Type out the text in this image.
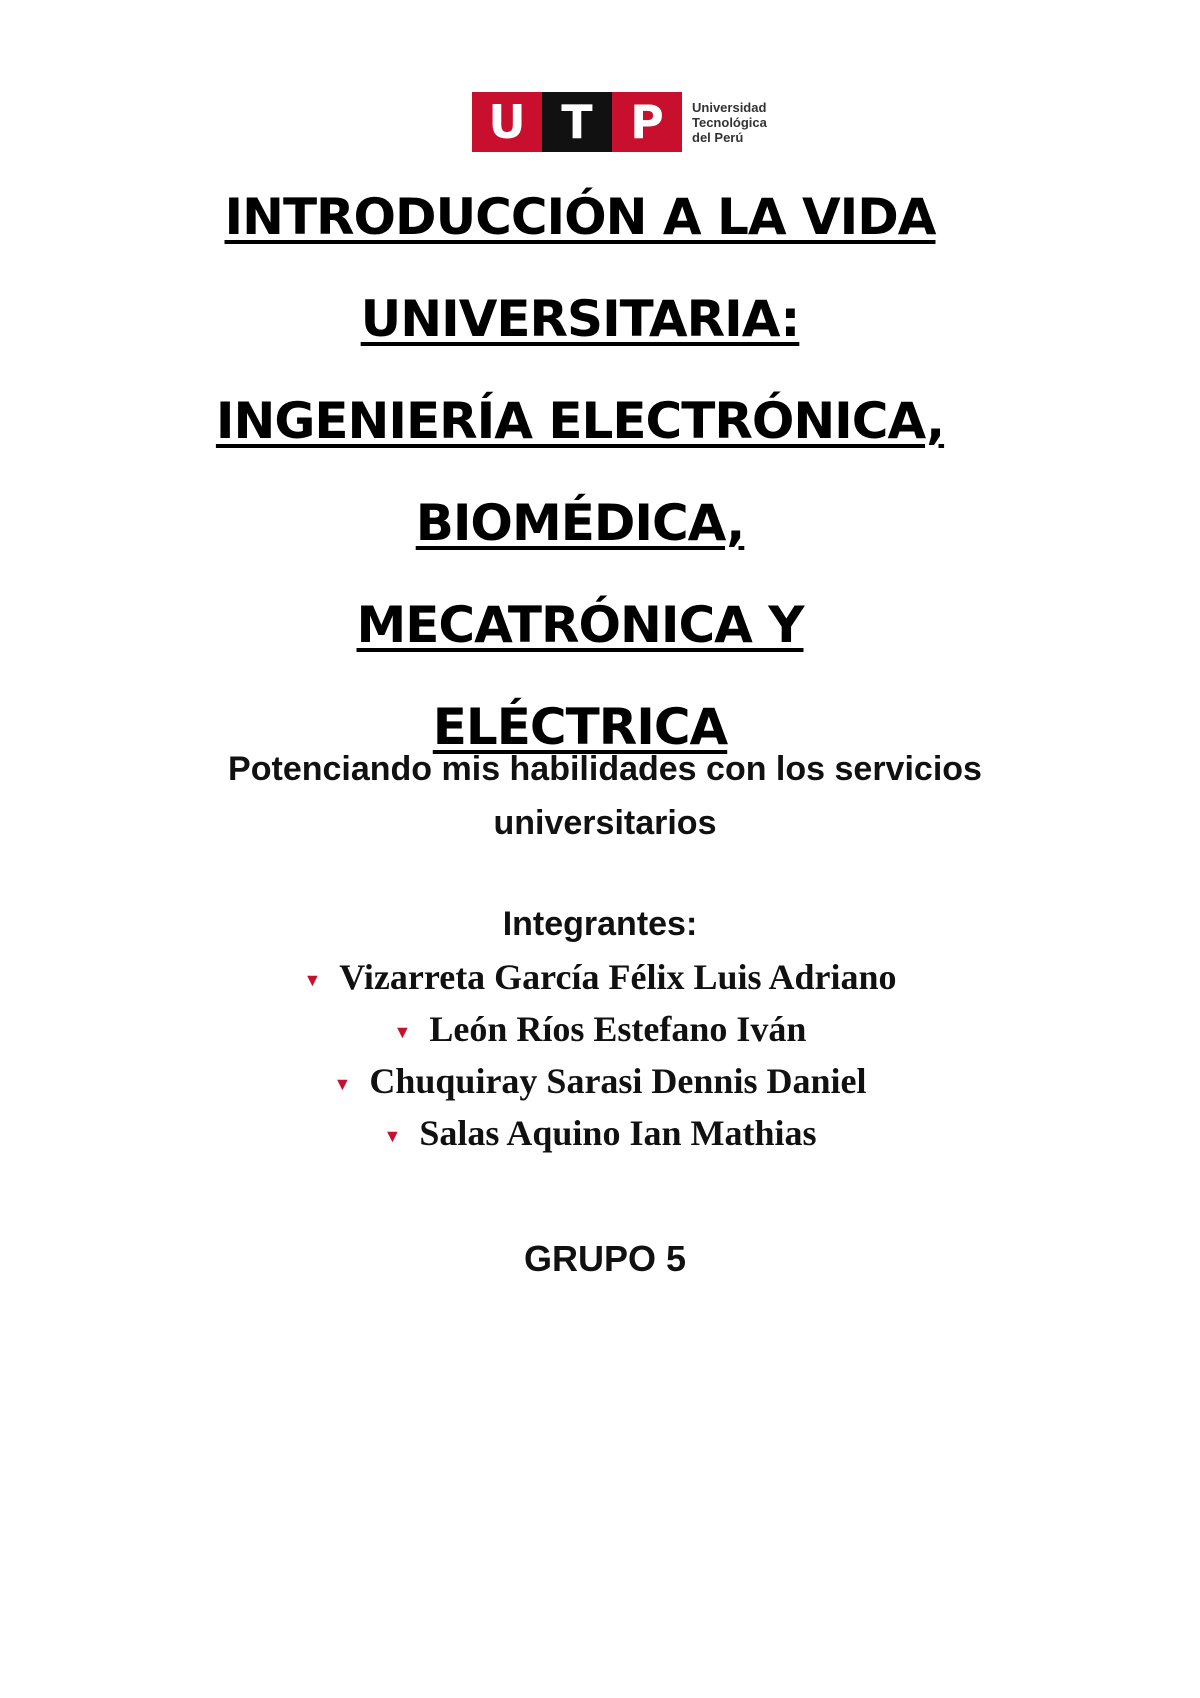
U T P	Universidad
Tecnológica
del Perú
INTRODUCCIÓN A LA VIDA
UNIVERSITARIA:
INGENIERÍA ELECTRÓNICA,
BIOMÉDICA,
MECATRÓNICA Y
Potenciando mis habilidades con los servicios
universitarios
ELÉCTRICA
Integrantes:
▼ Vizarreta García Félix Luis Adriano
▼ León Ríos Estefano Iván
▼ Chuquiray Sarasi Dennis Daniel
▼ Salas Aquino Ian Mathias
GRUPO 5
